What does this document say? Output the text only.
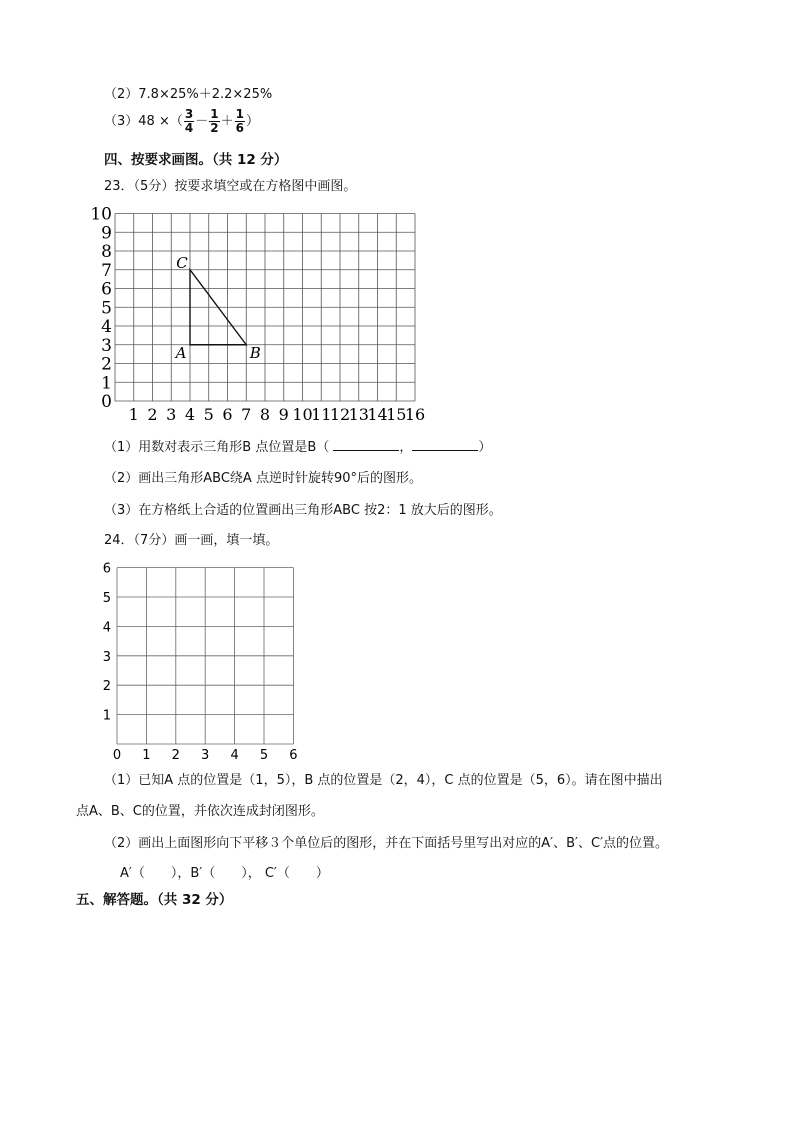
（2）7.8×25%＋2.2×25%
（3）48 ×（ $\frac{3}{4} - \frac{1}{2} + \frac{1}{6}$ ）
四、按要求画图。（共 12 分）
23．（5分）按要求填空或在方格图中画图。
0
1
2
3
4
5
6
7
8
9
10
1 2 3 4 5 6 7 8 9 10
11
12
13
14
15
16
A	B
C
（1）用数对表示三角形B 点位置是B（	，	）
（2）画出三角形ABC绕A 点逆时针旋转90°后的图形。
（3）在方格纸上合适的位置画出三角形ABC 按2：1 放大后的图形。
24．（7分）画一画，填一填。
1
2
3
4
5
6
0 1 2 3 4 5 6
（1）已知A 点的位置是（1，5），B 点的位置是（2，4），C 点的位置是（5，6）。请在图中描出
点A、B、C的位置，并依次连成封闭图形。
（2）画出上面图形向下平移３个单位后的图形，并在下面括号里写出对应的A′、B′、C′点的位置。
A′（　　），B′（　　）， C′（　　）
五、解答题。（共 32 分）
